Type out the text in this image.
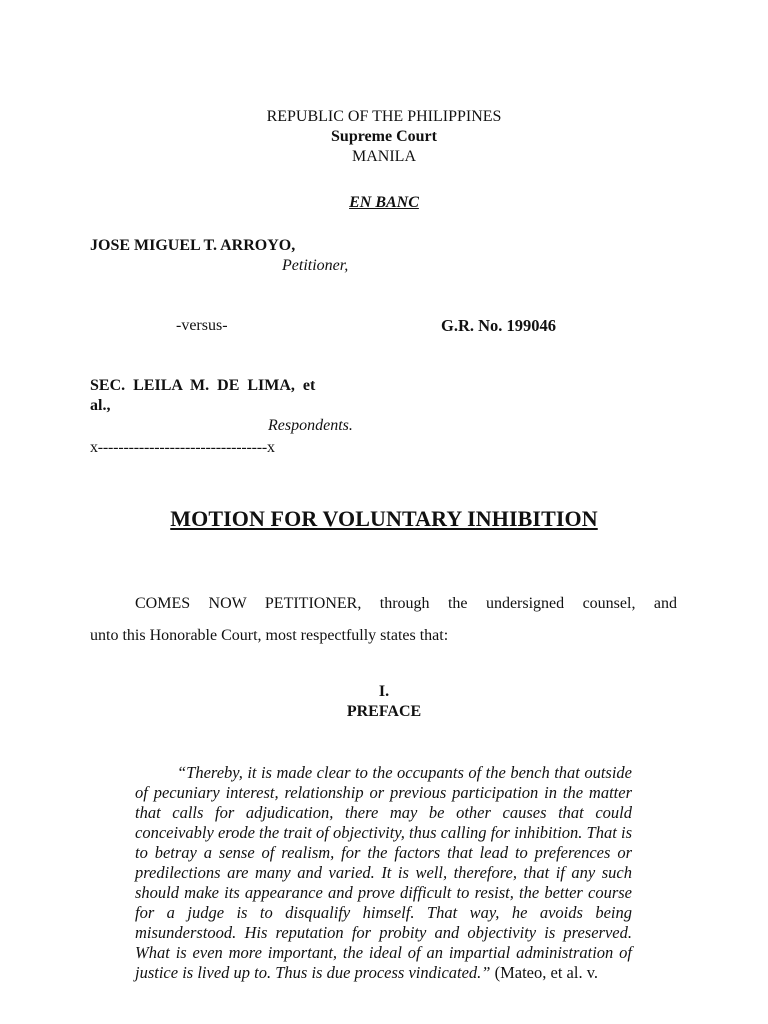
REPUBLIC OF THE PHILIPPINES
Supreme Court
MANILA
EN BANC
JOSE MIGUEL T. ARROYO,
Petitioner,
-versus-	G.R. No. 199046
SEC.  LEILA  M.  DE  LIMA,  et
al.,
Respondents.
x---------------------------------x
MOTION FOR VOLUNTARY INHIBITION
COMES NOW PETITIONER, through the undersigned counsel, and
unto this Honorable Court, most respectfully states that:
I.
PREFACE
“Thereby, it is made clear to the occupants of the bench that outside of pecuniary interest, relationship or previous participation in the matter that calls for adjudication, there may be other causes that could conceivably erode the trait of objectivity, thus calling for inhibition. That is to betray a sense of realism, for the factors that lead to preferences or predilections are many and varied. It is well, therefore, that if any such should make its appearance and prove difficult to resist, the better course for a judge is to disqualify himself. That way, he avoids being misunderstood. His reputation for probity and objectivity is preserved. What is even more important, the ideal of an impartial administration of justice is lived up to. Thus is due process vindicated.” (Mateo, et al. v.
